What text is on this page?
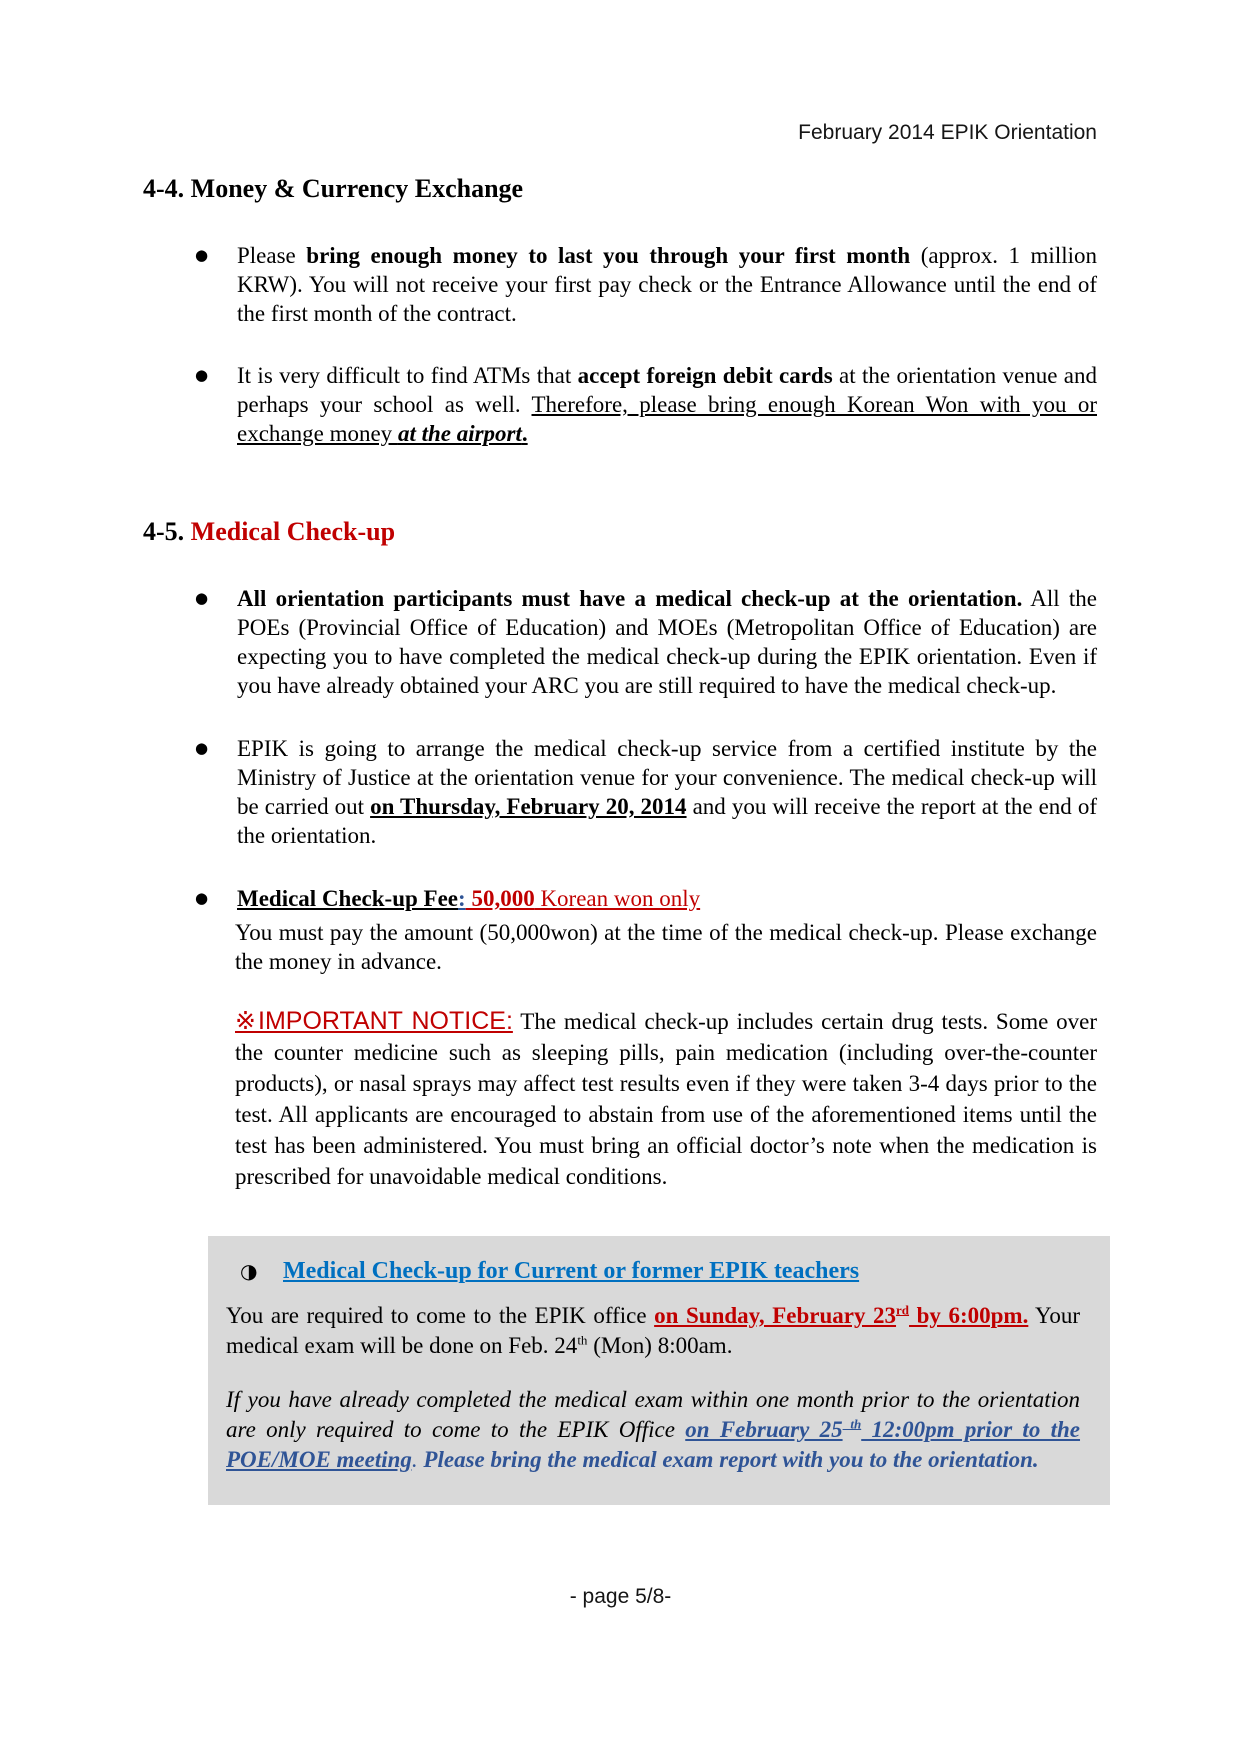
February 2014 EPIK Orientation
4-4. Money & Currency Exchange
●	Please bring enough money to last you through your first month (approx. 1 million KRW). You will not receive your first pay check or the Entrance Allowance until the end of the first month of the contract.
●	It is very difficult to find ATMs that accept foreign debit cards at the orientation venue and perhaps your school as well. Therefore, please bring enough Korean Won with you or exchange money at the airport.
4-5. Medical Check-up
●	All orientation participants must have a medical check-up at the orientation. All the POEs (Provincial Office of Education) and MOEs (Metropolitan Office of Education) are expecting you to have completed the medical check-up during the EPIK orientation. Even if you have already obtained your ARC you are still required to have the medical check-up.
●	EPIK is going to arrange the medical check-up service from a certified institute by the Ministry of Justice at the orientation venue for your convenience. The medical check-up will be carried out on Thursday, February 20, 2014 and you will receive the report at the end of the orientation.
●	Medical Check-up Fee: 50,000 Korean won only
You must pay the amount (50,000won) at the time of the medical check-up. Please exchange the money in advance.
※IMPORTANT NOTICE: The medical check-up includes certain drug tests. Some over the counter medicine such as sleeping pills, pain medication (including over-the-counter products), or nasal sprays may affect test results even if they were taken 3-4 days prior to the test. All applicants are encouraged to abstain from use of the aforementioned items until the test has been administered. You must bring an official doctor’s note when the medication is prescribed for unavoidable medical conditions.
◑	Medical Check-up for Current or former EPIK teachers
You are required to come to the EPIK office on Sunday, February 23rd by 6:00pm. Your medical exam will be done on Feb. 24th (Mon) 8:00am.
If you have already completed the medical exam within one month prior to the orientation are only required to come to the EPIK Office on February 25 $^{th}$ 12:00pm prior to the POE/MOE meeting. Please bring the medical exam report with you to the orientation.
- page 5/8-
